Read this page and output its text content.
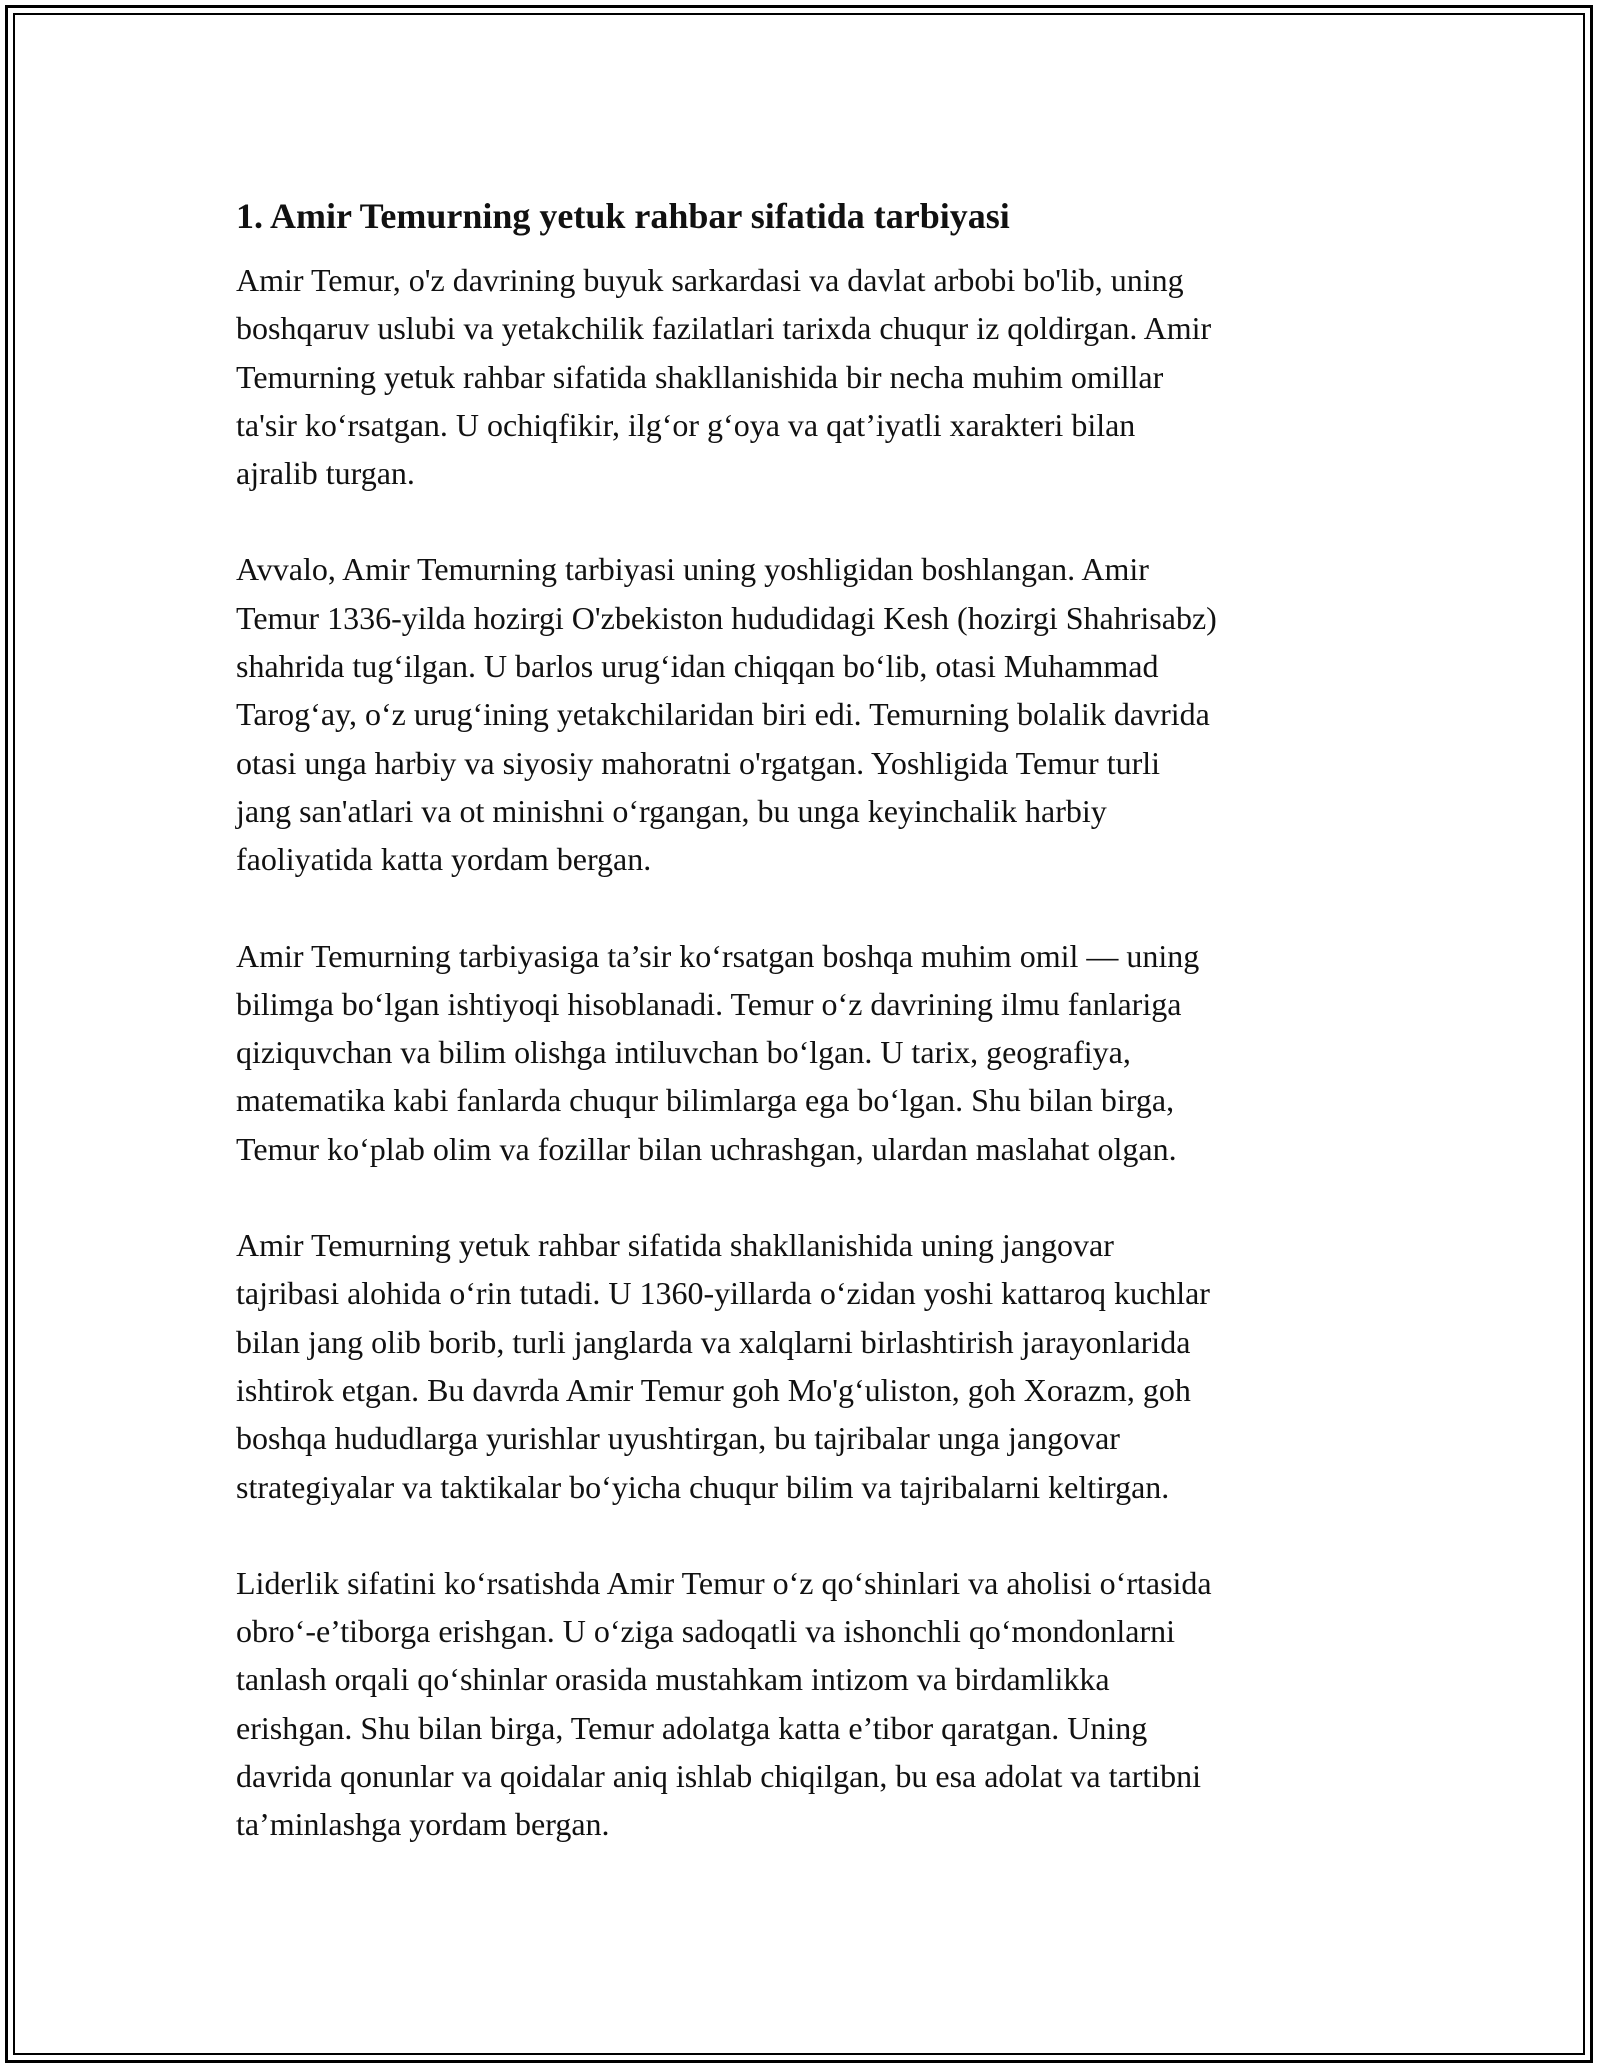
1. Amir Temurning yetuk rahbar sifatida tarbiyasi

Amir Temur, o'z davrining buyuk sarkardasi va davlat arbobi bo'lib, uning
boshqaruv uslubi va yetakchilik fazilatlari tarixda chuqur iz qoldirgan. Amir
Temurning yetuk rahbar sifatida shakllanishida bir necha muhim omillar
ta'sir ko‘rsatgan. U ochiqfikir, ilg‘or g‘oya va qat’iyatli xarakteri bilan
ajralib turgan.

Avvalo, Amir Temurning tarbiyasi uning yoshligidan boshlangan. Amir
Temur 1336-yilda hozirgi O'zbekiston hududidagi Kesh (hozirgi Shahrisabz)
shahrida tug‘ilgan. U barlos urug‘idan chiqqan bo‘lib, otasi Muhammad
Tarog‘ay, o‘z urug‘ining yetakchilaridan biri edi. Temurning bolalik davrida
otasi unga harbiy va siyosiy mahoratni o'rgatgan. Yoshligida Temur turli
jang san'atlari va ot minishni o‘rgangan, bu unga keyinchalik harbiy
faoliyatida katta yordam bergan.

Amir Temurning tarbiyasiga ta’sir ko‘rsatgan boshqa muhim omil — uning
bilimga bo‘lgan ishtiyoqi hisoblanadi. Temur o‘z davrining ilmu fanlariga
qiziquvchan va bilim olishga intiluvchan bo‘lgan. U tarix, geografiya,
matematika kabi fanlarda chuqur bilimlarga ega bo‘lgan. Shu bilan birga,
Temur ko‘plab olim va fozillar bilan uchrashgan, ulardan maslahat olgan.

Amir Temurning yetuk rahbar sifatida shakllanishida uning jangovar
tajribasi alohida o‘rin tutadi. U 1360-yillarda o‘zidan yoshi kattaroq kuchlar
bilan jang olib borib, turli janglarda va xalqlarni birlashtirish jarayonlarida
ishtirok etgan. Bu davrda Amir Temur goh Mo'g‘uliston, goh Xorazm, goh
boshqa hududlarga yurishlar uyushtirgan, bu tajribalar unga jangovar
strategiyalar va taktikalar bo‘yicha chuqur bilim va tajribalarni keltirgan.

Liderlik sifatini ko‘rsatishda Amir Temur o‘z qo‘shinlari va aholisi o‘rtasida
obro‘-e’tiborga erishgan. U o‘ziga sadoqatli va ishonchli qo‘mondonlarni
tanlash orqali qo‘shinlar orasida mustahkam intizom va birdamlikka
erishgan. Shu bilan birga, Temur adolatga katta e’tibor qaratgan. Uning
davrida qonunlar va qoidalar aniq ishlab chiqilgan, bu esa adolat va tartibni
ta’minlashga yordam bergan.
